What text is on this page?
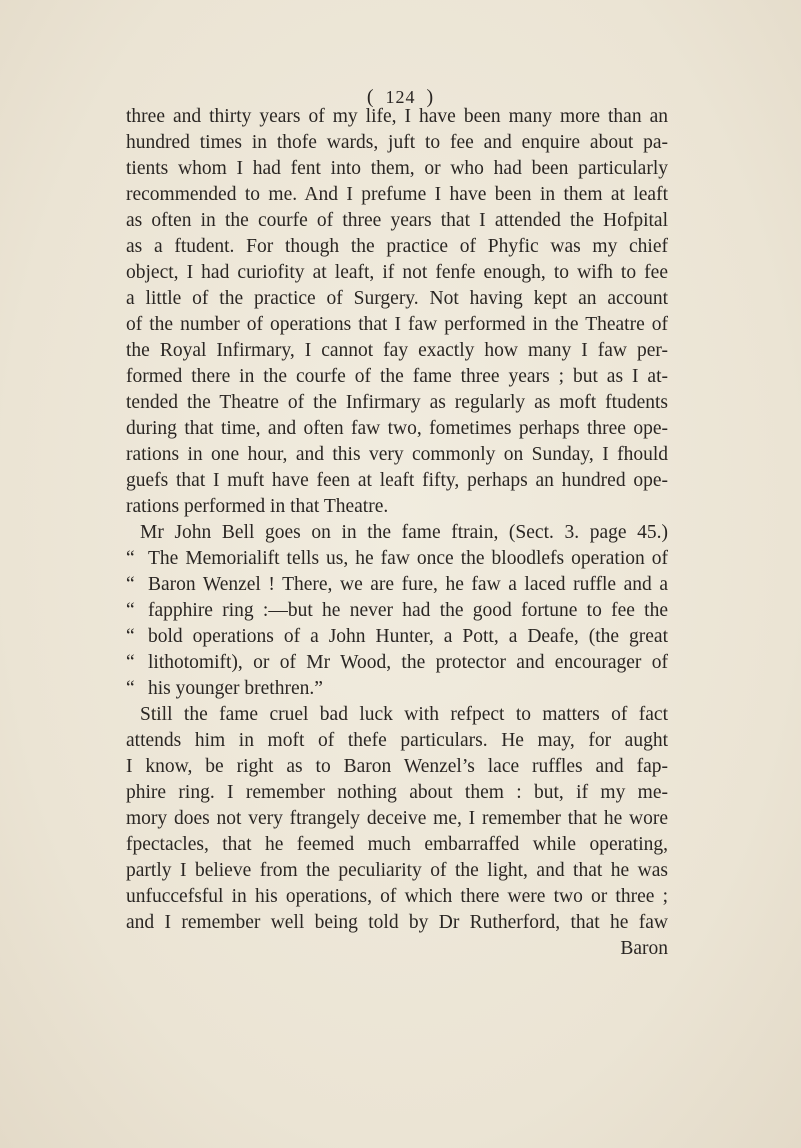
( 124 )
three and thirty years of my life, I have been many more than an
hundred times in thofe wards, juft to fee and enquire about pa-
tients whom I had fent into them, or who had been particularly
recommended to me. And I prefume I have been in them at leaft
as often in the courfe of three years that I attended the Hofpital
as a ftudent. For though the practice of Phyfic was my chief
object, I had curiofity at leaft, if not fenfe enough, to wifh to fee
a little of the practice of Surgery. Not having kept an account
of the number of operations that I faw performed in the Theatre of
the Royal Infirmary, I cannot fay exactly how many I faw per-
formed there in the courfe of the fame three years ; but as I at-
tended the Theatre of the Infirmary as regularly as moft ftudents
during that time, and often faw two, fometimes perhaps three ope-
rations in one hour, and this very commonly on Sunday, I fhould
guefs that I muft have feen at leaft fifty, perhaps an hundred ope-
rations performed in that Theatre.
Mr John Bell goes on in the fame ftrain, (Sect. 3. page 45.)
“ The Memorialift tells us, he faw once the bloodlefs operation of
“ Baron Wenzel ! There, we are fure, he faw a laced ruffle and a
“ fapphire ring :—but he never had the good fortune to fee the
“ bold operations of a John Hunter, a Pott, a Deafe, (the great
“ lithotomift), or of Mr Wood, the protector and encourager of
“ his younger brethren.”
Still the fame cruel bad luck with refpect to matters of fact
attends him in moft of thefe particulars. He may, for aught
I know, be right as to Baron Wenzel’s lace ruffles and fap-
phire ring. I remember nothing about them : but, if my me-
mory does not very ftrangely deceive me, I remember that he wore
fpectacles, that he feemed much embarraffed while operating,
partly I believe from the peculiarity of the light, and that he was
unfuccefsful in his operations, of which there were two or three ;
and I remember well being told by Dr Rutherford, that he faw
Baron
